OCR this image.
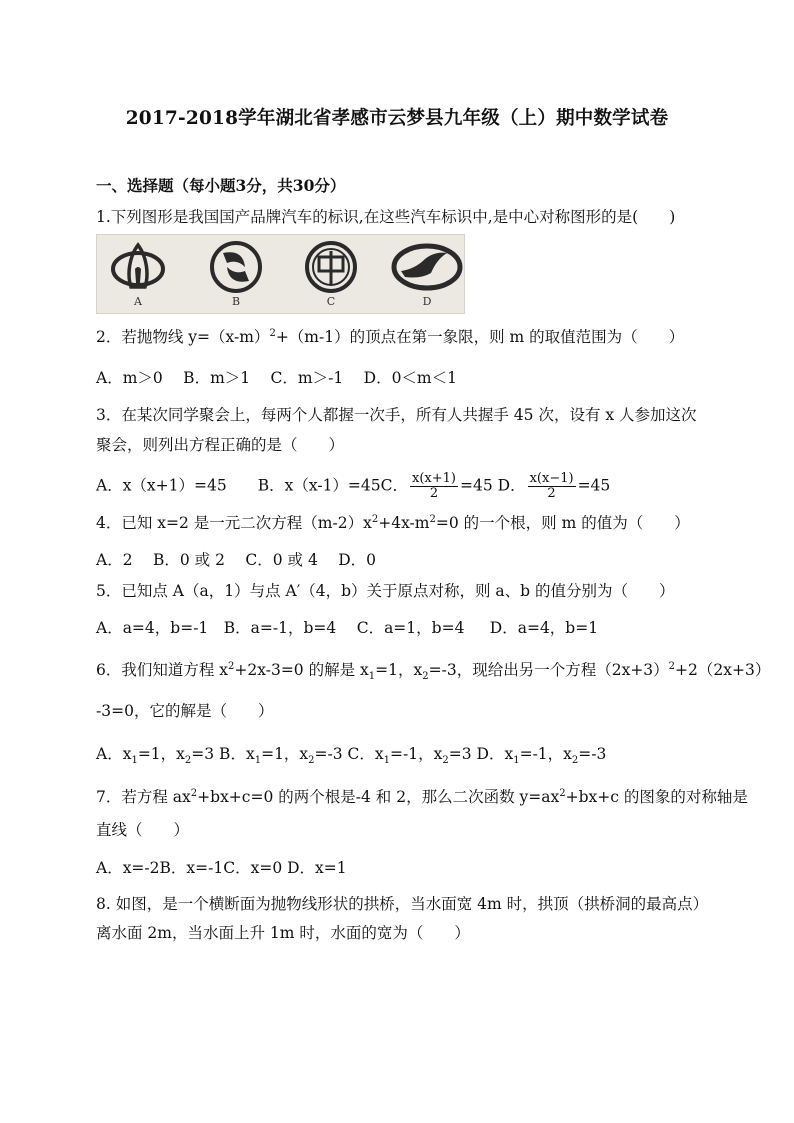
2017-2018学年湖北省孝感市云梦县九年级（上）期中数学试卷
一、选择题（每小题3分，共30分）
1.下列图形是我国国产品牌汽车的标识,在这些汽车标识中,是中心对称图形的是(　　)
A	B	C	D
2．若抛物线 $y=(x-m)^2+(m-1)$的顶点在第一象限，则 m 的取值范围为（　　）
A．m＞0　 B．m＞1　 C．m＞-1　 D．0＜m＜1
3．在某次同学聚会上，每两个人都握一次手，所有人共握手 45 次，设有 x 人参加这次
聚会，则列出方程正确的是（　　）
A．x（x+1）=45　　B．x（x-1）=45C． $\frac{x(x+1)}{2} =45$ D． $\frac{x(x-1)}{2} =45$
4．已知 x=2 是一元二次方程$(m-2)x^2+4x-m^2=0$ 的一个根，则 m 的值为（　　）
A．2　 B．0 或 2　 C．0 或 4　 D．0
5．已知点 A（a，1）与点 A′（4，b）关于原点对称，则 a、b 的值分别为（　　）
A．a=4，b=-1　B．a=-1，b=4　 C．a=1，b=4　  D．a=4，b=1
6．我们知道方程 $x^2+2x-3=0$ 的解是 $x_1=1$，$x_2=-3$，现给出另一个方程$(2x+3)^2+2(2x+3)$
-3=0，它的解是（　　）
A．$x_1=1$，$x_2=3$ B．$x_1=1$，$x_2=-3$ C．$x_1=-1$，$x_2=3$ D．$x_1=-1$，$x_2=-3$
7．若方程 $ax^2+bx+c=0$ 的两个根是-4 和 2，那么二次函数 $y=ax^2+bx+c$ 的图象的对称轴是
直线（　　）
A．x=-2B．x=-1C．x=0 D．x=1
8. 如图，是一个横断面为抛物线形状的拱桥，当水面宽 4m 时，拱顶（拱桥洞的最高点）
离水面 2m，当水面上升 1m 时，水面的宽为（　　）
